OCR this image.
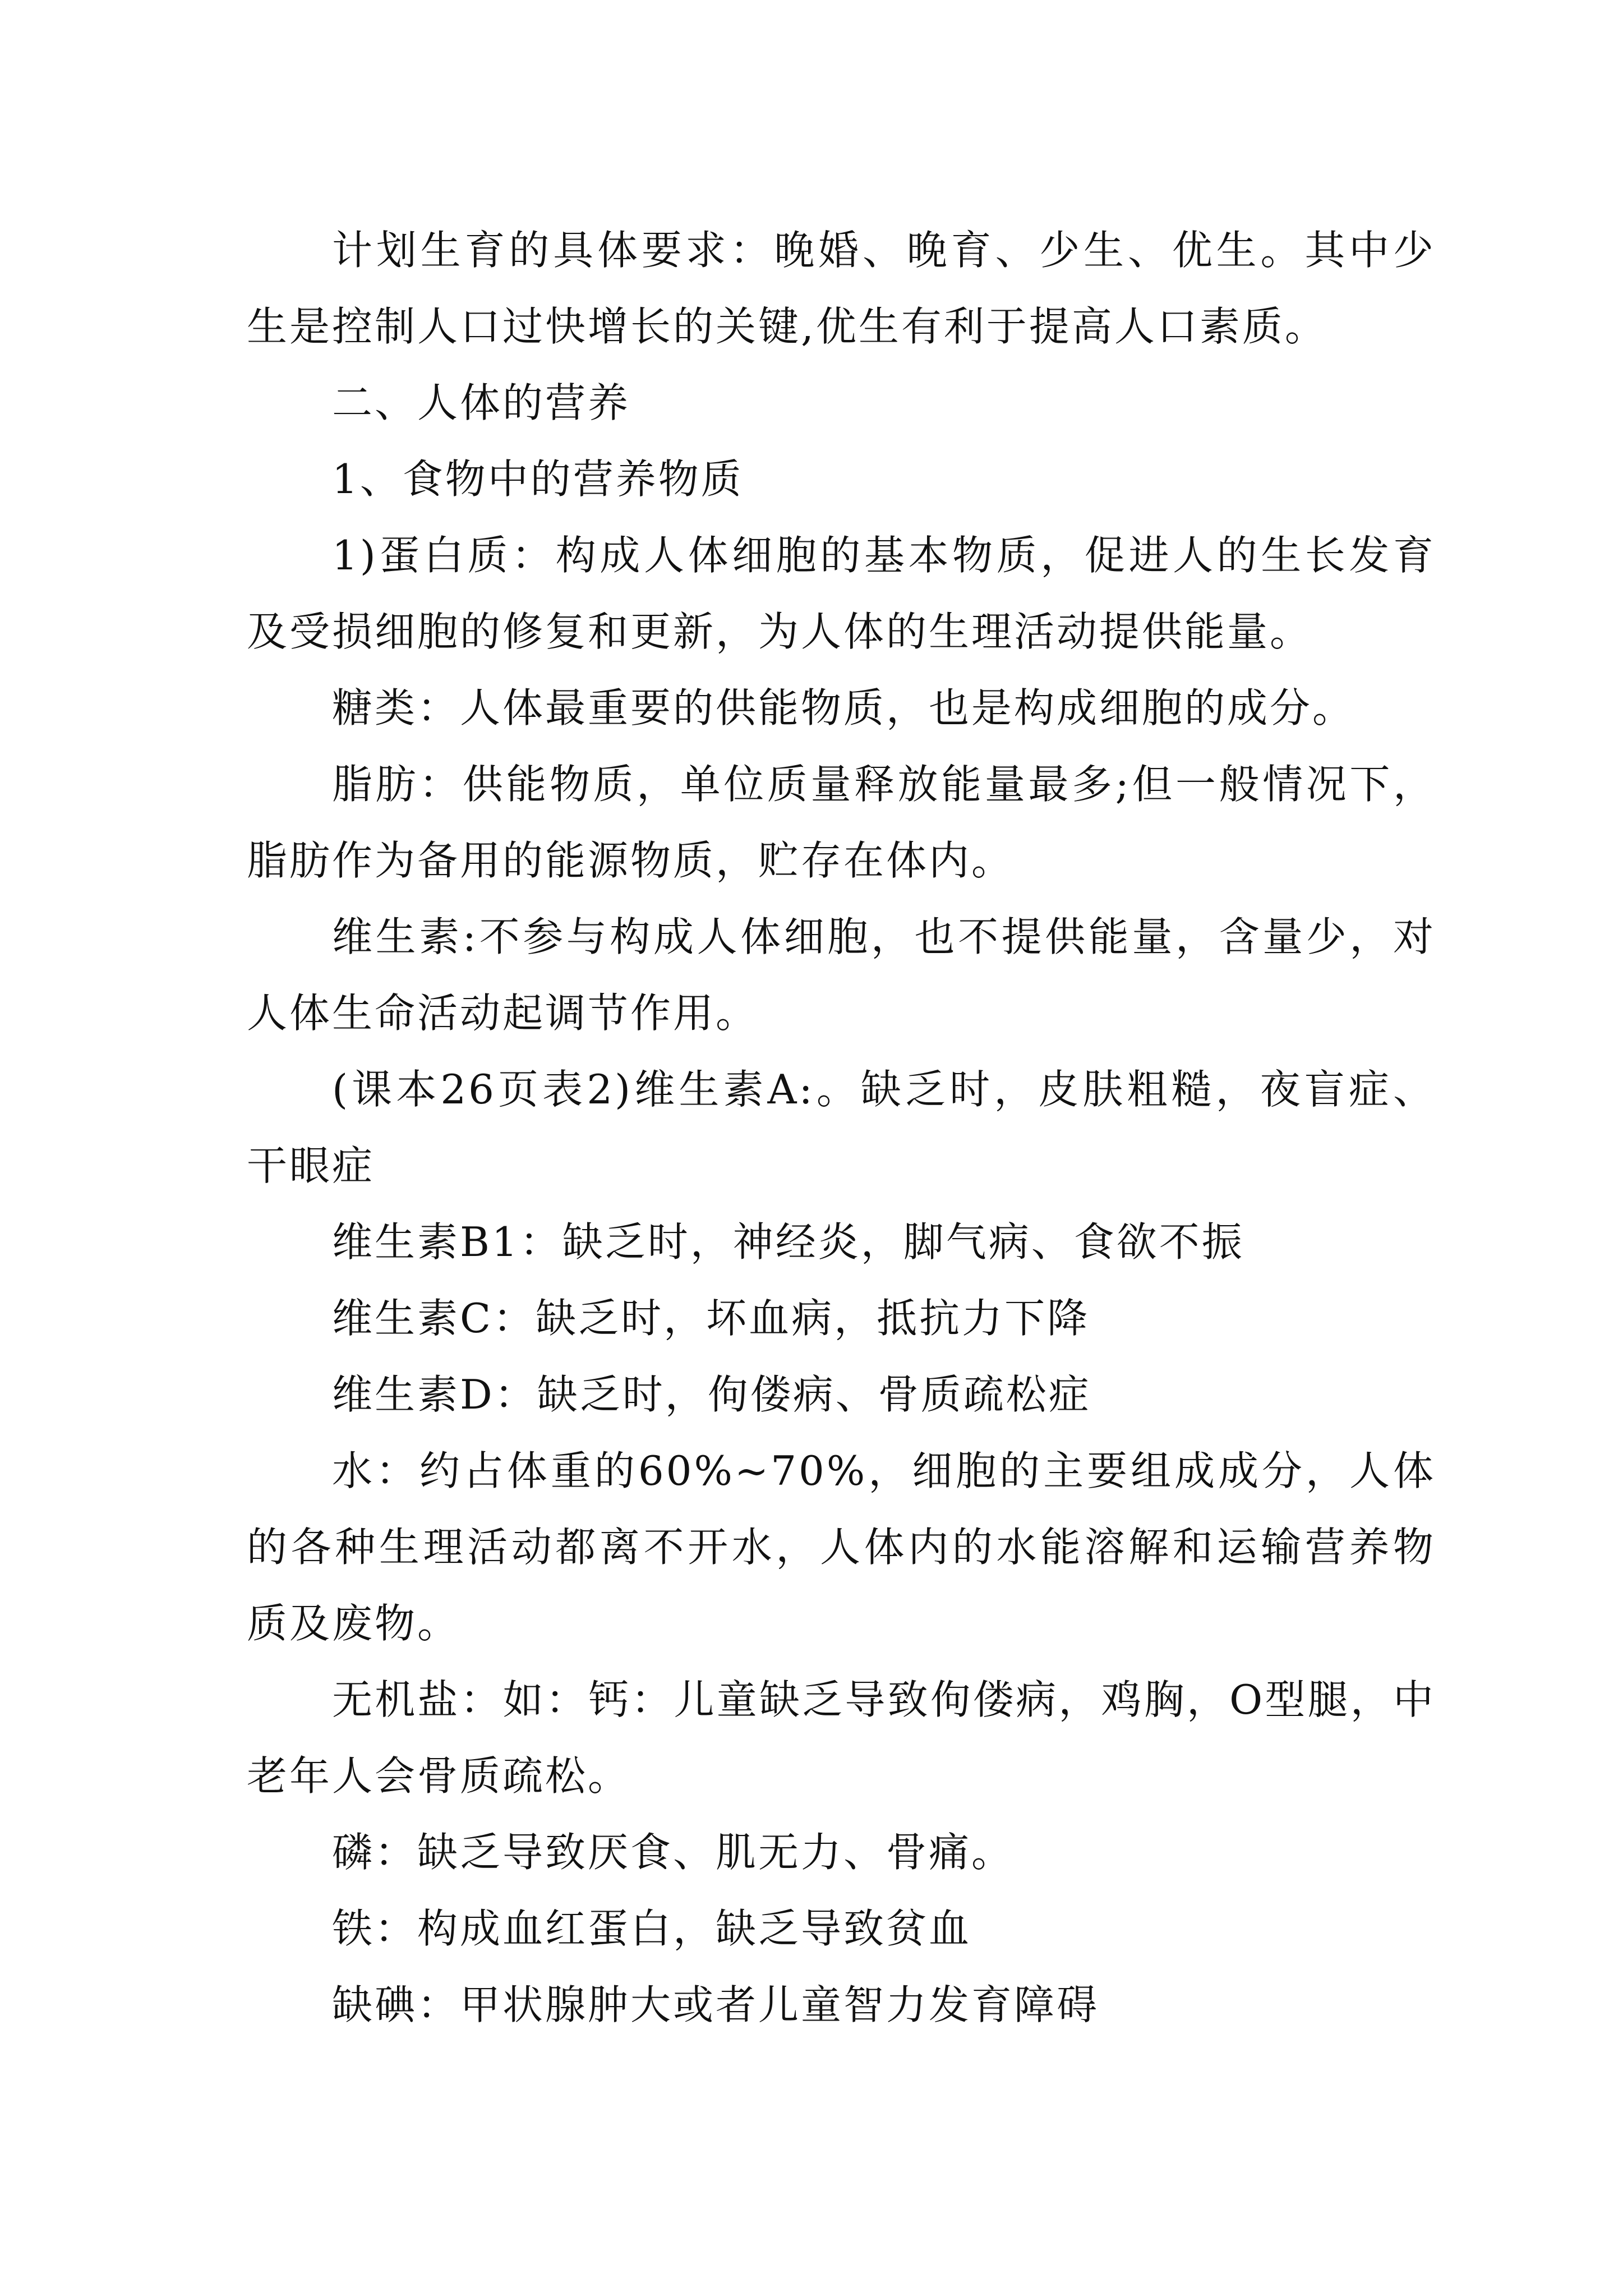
计划生育的具体要求：晚婚、晚育、少生、优生。其中少生是控制人口过快增长的关键,优生有利于提高人口素质。

二、人体的营养

1、食物中的营养物质

1)蛋白质：构成人体细胞的基本物质，促进人的生长发育及受损细胞的修复和更新，为人体的生理活动提供能量。

糖类：人体最重要的供能物质，也是构成细胞的成分。

脂肪：供能物质，单位质量释放能量最多;但一般情况下，脂肪作为备用的能源物质，贮存在体内。

维生素:不参与构成人体细胞，也不提供能量，含量少，对人体生命活动起调节作用。

(课本26页表2)维生素A:。缺乏时，皮肤粗糙，夜盲症、干眼症

维生素B1：缺乏时，神经炎，脚气病、食欲不振

维生素C：缺乏时，坏血病，抵抗力下降

维生素D：缺乏时，佝偻病、骨质疏松症

水：约占体重的60%~70%，细胞的主要组成成分，人体的各种生理活动都离不开水，人体内的水能溶解和运输营养物质及废物。

无机盐：如：钙：儿童缺乏导致佝偻病，鸡胸，O型腿，中老年人会骨质疏松。

磷：缺乏导致厌食、肌无力、骨痛。

铁：构成血红蛋白，缺乏导致贫血

缺碘：甲状腺肿大或者儿童智力发育障碍
